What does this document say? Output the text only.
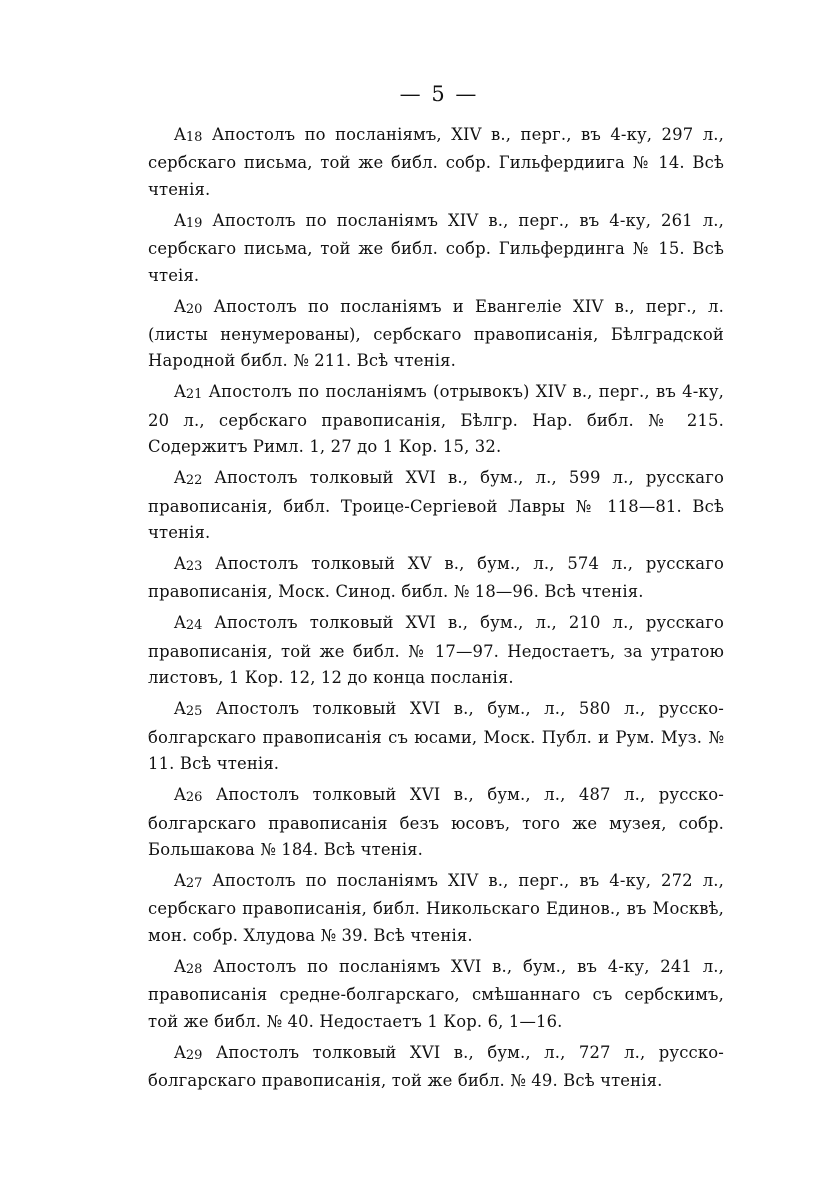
— 5 —

A18 Апостолъ по посланіямъ, XIV в., перг., въ 4-ку, 297 л., сербскаго письма, той же библ. собр. Гильфердиига № 14. Всѣ чтенія.

A19 Апостолъ по посланіямъ XIV в., перг., въ 4-ку, 261 л., сербскаго письма, той же библ. собр. Гильфердинга № 15. Всѣ чтеія.

A20 Апостолъ по посланіямъ и Евангеліе XIV в., перг., л. (листы ненумерованы), сербскаго правописанія, Бѣлградской Народной библ. № 211. Всѣ чтенія.

A21 Апостолъ по посланіямъ (отрывокъ) XIV в., перг., въ 4-ку, 20 л., сербскаго правописанія, Бѣлгр. Нар. библ. № 215. Содержитъ Римл. 1, 27 до 1 Кор. 15, 32.

A22 Апостолъ толковый XVI в., бум., л., 599 л., русскаго правописанія, библ. Троице-Сергіевой Лавры № 118—81. Всѣ чтенія.

A23 Апостолъ толковый XV в., бум., л., 574 л., русскаго правописанія, Моск. Синод. библ. № 18—96. Всѣ чтенія.

A24 Апостолъ толковый XVI в., бум., л., 210 л., русскаго правописанія, той же библ. № 17—97. Недостаетъ, за утратою листовъ, 1 Кор. 12, 12 до конца посланія.

A25 Апостолъ толковый XVI в., бум., л., 580 л., русско-болгарскаго правописанія съ юсами, Моск. Публ. и Рум. Муз. № 11. Всѣ чтенія.

A26 Апостолъ толковый XVI в., бум., л., 487 л., русско-болгарскаго правописанія безъ юсовъ, того же музея, собр. Большакова № 184. Всѣ чтенія.

A27 Апостолъ по посланіямъ XIV в., перг., въ 4-ку, 272 л., сербскаго правописанія, библ. Никольскаго Единов., въ Москвѣ, мон. собр. Хлудова № 39. Всѣ чтенія.

A28 Апостолъ по посланіямъ XVI в., бум., въ 4-ку, 241 л., правописанія средне-болгарскаго, смѣшаннаго съ сербскимъ, той же библ. № 40. Недостаетъ 1 Кор. 6, 1—16.

A29 Апостолъ толковый XVI в., бум., л., 727 л., русско-болгарскаго правописанія, той же библ. № 49. Всѣ чтенія.
